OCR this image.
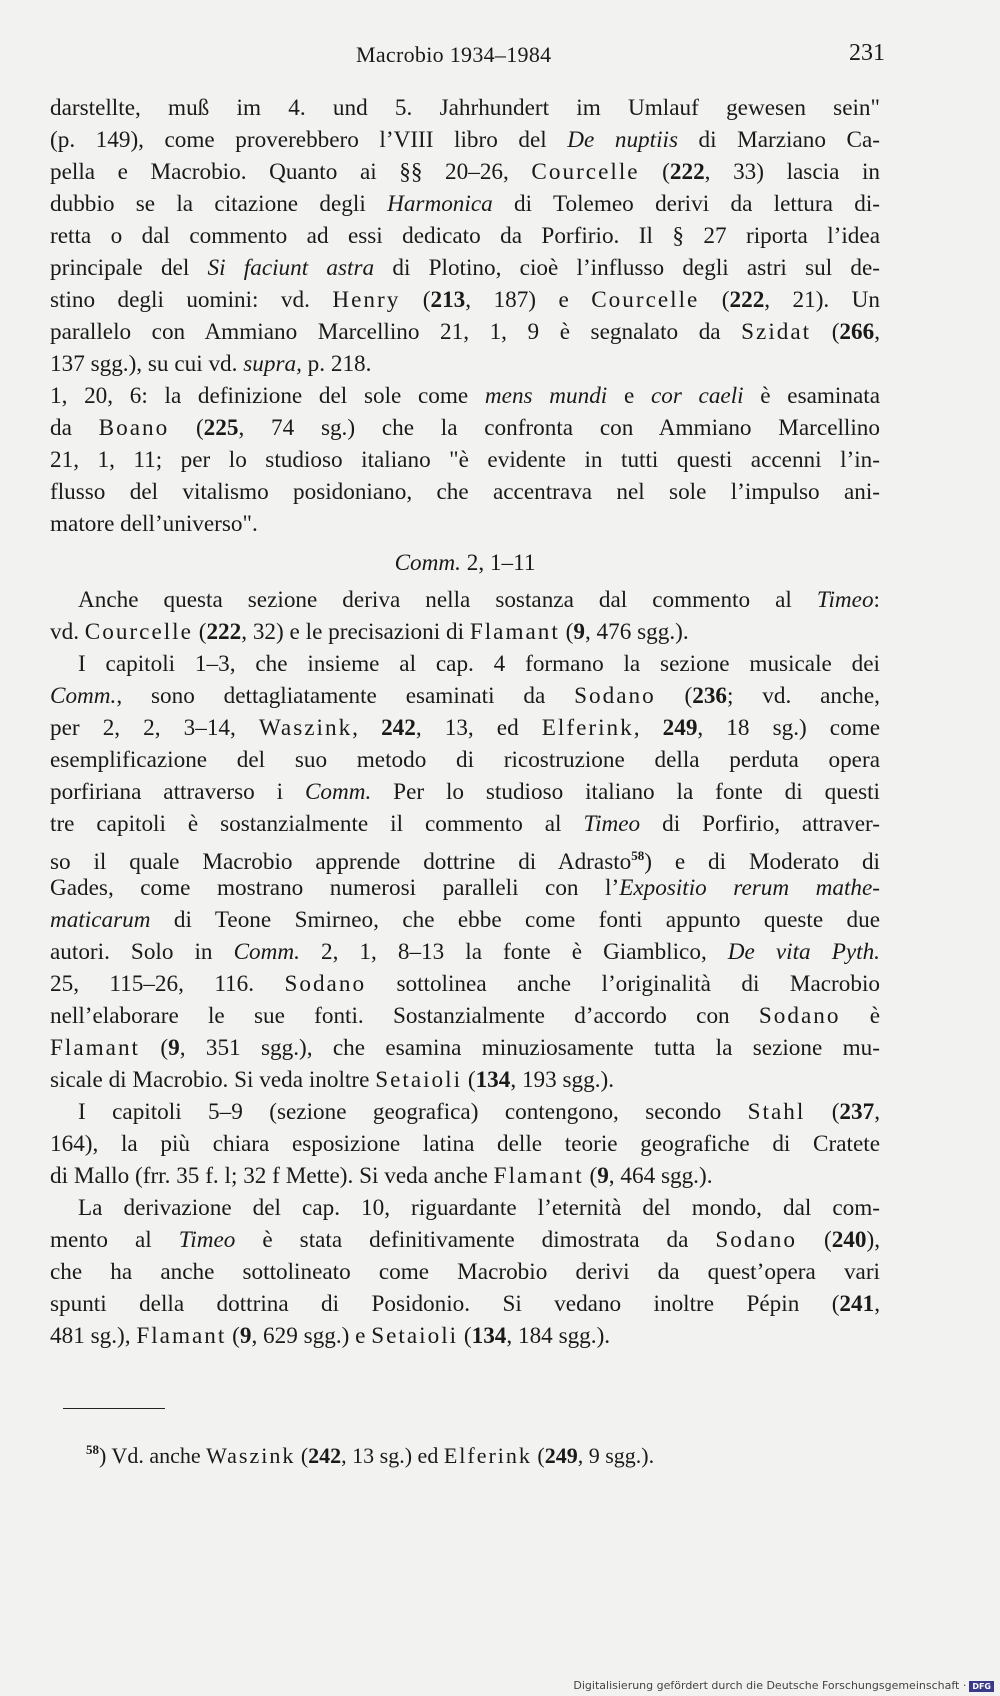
Macrobio 1934–1984	231
darstellte, muß im 4. und 5. Jahrhundert im Umlauf gewesen sein"
(p. 149), come proverebbero l’VIII libro del De nuptiis di Marziano Ca-
pella e Macrobio. Quanto ai §§ 20–26, Courcelle (222, 33) lascia in
dubbio se la citazione degli Harmonica di Tolemeo derivi da lettura di-
retta o dal commento ad essi dedicato da Porfirio. Il § 27 riporta l’idea
principale del Si faciunt astra di Plotino, cioè l’influsso degli astri sul de-
stino degli uomini: vd. Henry (213, 187) e Courcelle (222, 21). Un
parallelo con Ammiano Marcellino 21, 1, 9 è segnalato da Szidat (266,
137 sgg.), su cui vd. supra, p. 218.
1, 20, 6: la definizione del sole come mens mundi e cor caeli è esaminata
da Boano (225, 74 sg.) che la confronta con Ammiano Marcellino
21, 1, 11; per lo studioso italiano "è evidente in tutti questi accenni l’in-
flusso del vitalismo posidoniano, che accentrava nel sole l’impulso ani-
matore dell’universo".
Comm. 2, 1–11
Anche questa sezione deriva nella sostanza dal commento al Timeo:
vd. Courcelle (222, 32) e le precisazioni di Flamant (9, 476 sgg.).
I capitoli 1–3, che insieme al cap. 4 formano la sezione musicale dei
Comm., sono dettagliatamente esaminati da Sodano (236; vd. anche,
per 2, 2, 3–14, Waszink, 242, 13, ed Elferink, 249, 18 sg.) come
esemplificazione del suo metodo di ricostruzione della perduta opera
porfiriana attraverso i Comm. Per lo studioso italiano la fonte di questi
tre capitoli è sostanzialmente il commento al Timeo di Porfirio, attraver-
so il quale Macrobio apprende dottrine di Adrasto$^{58}$) e di Moderato di
Gades, come mostrano numerosi paralleli con l’Expositio rerum mathe-
maticarum di Teone Smirneo, che ebbe come fonti appunto queste due
autori. Solo in Comm. 2, 1, 8–13 la fonte è Giamblico, De vita Pyth.
25, 115–26, 116. Sodano sottolinea anche l’originalità di Macrobio
nell’elaborare le sue fonti. Sostanzialmente d’accordo con Sodano è
Flamant (9, 351 sgg.), che esamina minuziosamente tutta la sezione mu-
sicale di Macrobio. Si veda inoltre Setaioli (134, 193 sgg.).
I capitoli 5–9 (sezione geografica) contengono, secondo Stahl (237,
164), la più chiara esposizione latina delle teorie geografiche di Cratete
di Mallo (frr. 35 f. l; 32 f Mette). Si veda anche Flamant (9, 464 sgg.).
La derivazione del cap. 10, riguardante l’eternità del mondo, dal com-
mento al Timeo è stata definitivamente dimostrata da Sodano (240),
che ha anche sottolineato come Macrobio derivi da quest’opera vari
spunti della dottrina di Posidonio. Si vedano inoltre Pépin (241,
481 sg.), Flamant (9, 629 sgg.) e Setaioli (134, 184 sgg.).
$^{58}$) Vd. anche Waszink (242, 13 sg.) ed Elferink (249, 9 sgg.).
Digitalisierung gefördert durch die Deutsche Forschungsgemeinschaft · DFG
